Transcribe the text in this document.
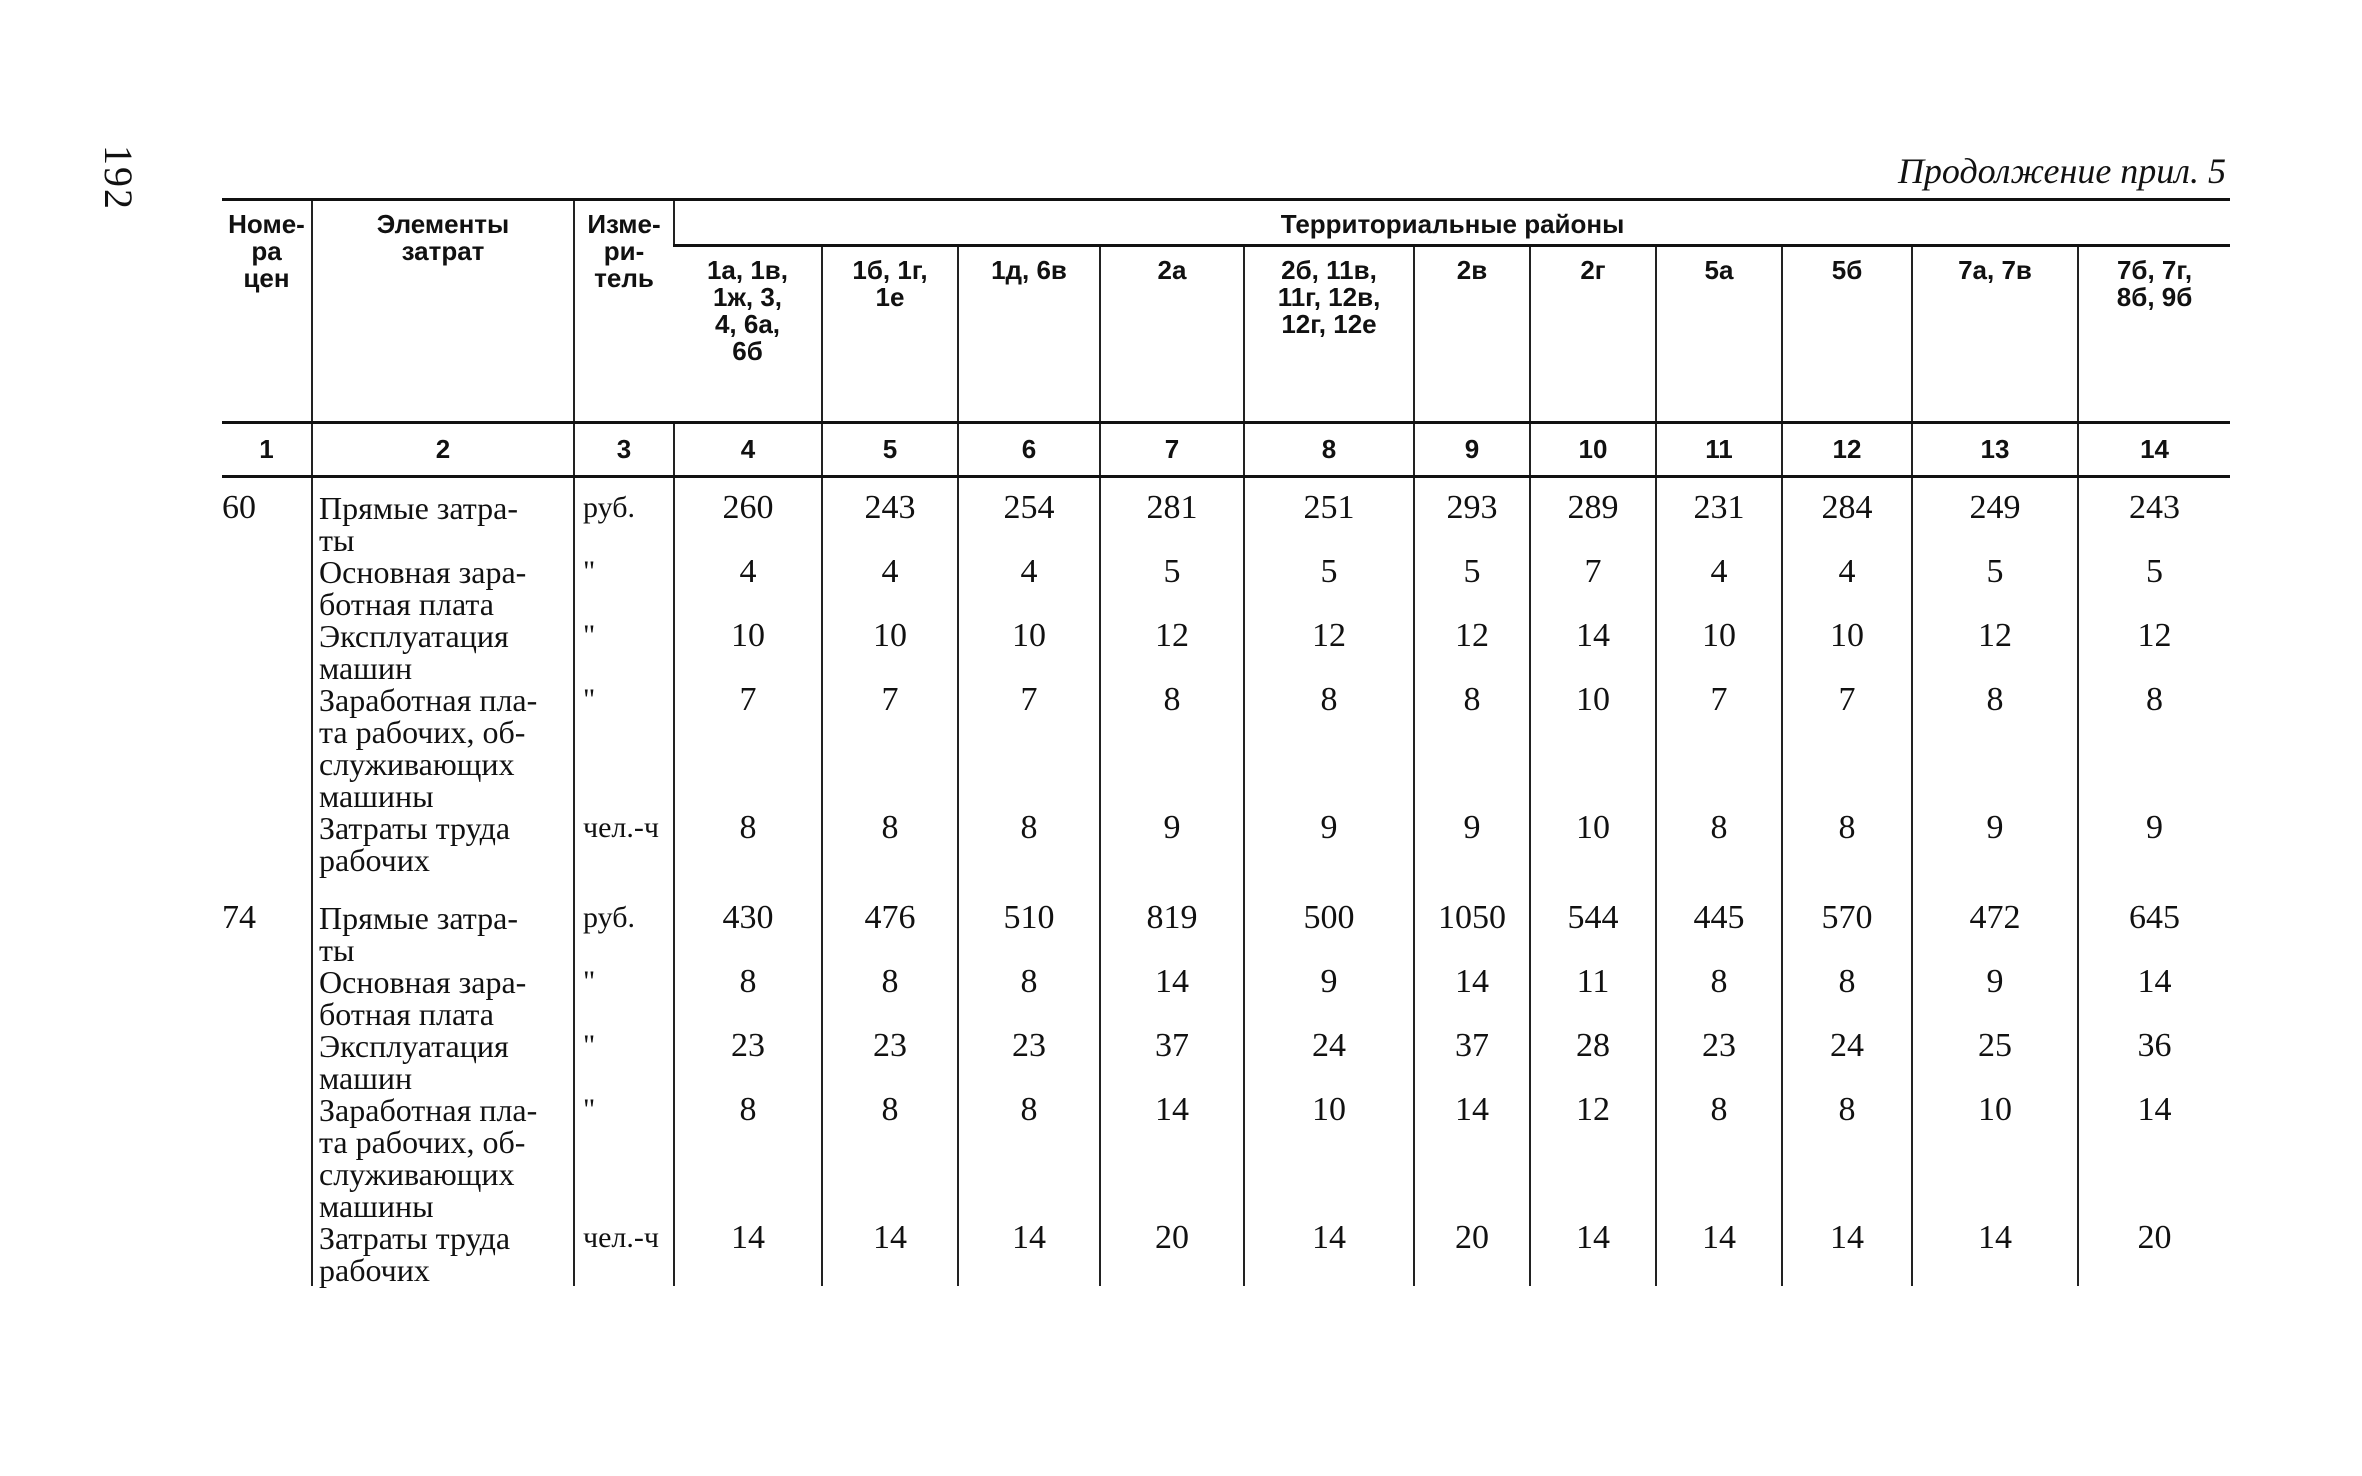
192	Продолжение прил. 5
Номе-
ра
цен	Элементы
затрат	Изме-
ри-
тель	Территориальные районы										
			1а, 1в,
1ж, 3,
4, 6а,
6б	1б, 1г,
1е	1д, 6в	2а	2б, 11в,
11г, 12в,
12г, 12е	2в	2г	5а	5б	7а, 7в	7б, 7г,
8б, 9б
1	2	3	4	5	6	7	8	9	10	11	12	13	14
60	Прямые затра-
ты	руб.	260	243	254	281	251	293	289	231	284	249	243
	Основная зара-
ботная плата	"	4	4	4	5	5	5	7	4	4	5	5
	Эксплуатация
машин	"	10	10	10	12	12	12	14	10	10	12	12
	Заработная пла-
та рабочих, об-
служивающих
машины	"	7	7	7	8	8	8	10	7	7	8	8
	Затраты труда
рабочих	чел.-ч	8	8	8	9	9	9	10	8	8	9	9

74	Прямые затра-
ты	руб.	430	476	510	819	500	1050	544	445	570	472	645
	Основная зара-
ботная плата	"	8	8	8	14	9	14	11	8	8	9	14
	Эксплуатация
машин	"	23	23	23	37	24	37	28	23	24	25	36
	Заработная пла-
та рабочих, об-
служивающих
машины	"	8	8	8	14	10	14	12	8	8	10	14
	Затраты труда
рабочих	чел.-ч	14	14	14	20	14	20	14	14	14	14	20
